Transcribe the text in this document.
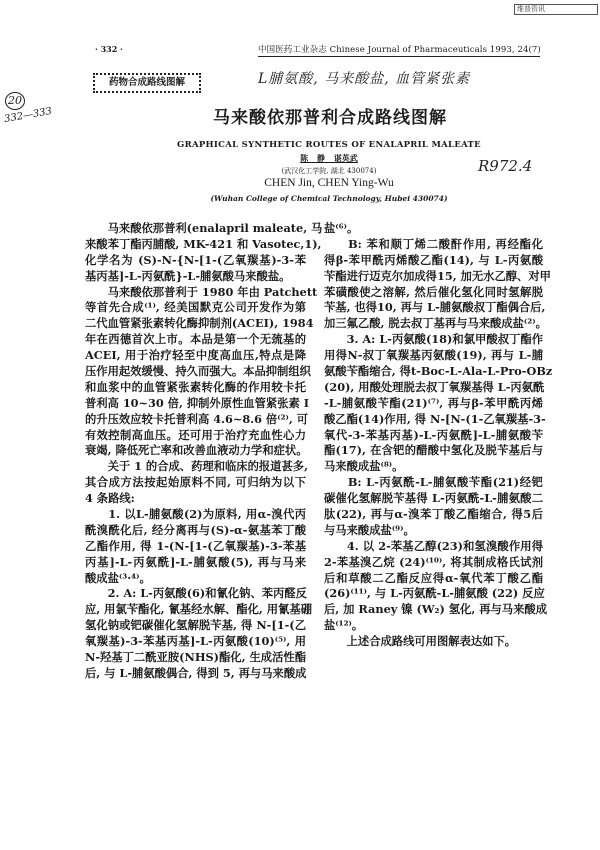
维普资讯
· 332 ·	中国医药工业杂志 Chinese Journal of Pharmaceuticals 1993, 24(7)
药物合成路线图解	L脯氨酸, 马来酸盐, 血管紧张素
20
332—333
R972.4
马来酸依那普利合成路线图解
GRAPHICAL SYNTHETIC ROUTES OF ENALAPRIL MALEATE
陈 静 谌英武
(武汉化工学院, 湖北 430074)
CHEN Jin, CHEN Ying-Wu
(Wuhan College of Chemical Technology, Hubei 430074)
　　马来酸依那普利(enalapril maleate, 马
来酸苯丁酯丙脯酸, MK-421 和 Vasotec,1),
化学名为 (S)-N-{N-[1-(乙氧羰基)-3-苯
基丙基]-L-丙氨酰}-L-脯氨酸马来酸盐。
　　马来酸依那普利于 1980 年由 Patchett
等首先合成⁽¹⁾, 经美国默克公司开发作为第
二代血管紧张素转化酶抑制剂(ACEI), 1984
年在西德首次上市。本品是第一个无巯基的
ACEI, 用于治疗轻至中度高血压,特点是降
压作用起效缓慢、持久而强大。本品抑制组织
和血浆中的血管紧张素转化酶的作用较卡托
普利高 10~30 倍, 抑制外原性血管紧张素 I
的升压效应较卡托普利高 4.6~8.6 倍⁽²⁾, 可
有效控制高血压。还可用于治疗充血性心力
衰竭, 降低死亡率和改善血液动力学和症状。
　　关于 1 的合成、药理和临床的报道甚多,
其合成方法按起始原料不同, 可归纳为以下
4 条路线:
　　1. 以L-脯氨酸(2)为原料, 用α-溴代丙
酰溴酰化后, 经分离再与(S)-α-氨基苯丁酸
乙酯作用, 得 1-(N-[1-(乙氧羰基)-3-苯基
丙基]-L-丙氨酰]-L-脯氨酸(5), 再与马来
酸成盐⁽³·⁴⁾。
　　2. A: L-丙氨酸(6)和氰化钠、苯丙醛反
应, 用氯苄酯化, 氰基经水解、酯化, 用氰基硼
氢化钠或钯碳催化氢解脱苄基, 得 N-[1-(乙
氧羰基)-3-苯基丙基]-L-丙氨酸(10)⁽⁵⁾, 用
N-羟基丁二酰亚胺(NHS)酯化, 生成活性酯
后, 与 L-脯氨酸偶合, 得到 5, 再与马来酸成
盐⁽⁶⁾。
　　B: 苯和顺丁烯二酸酐作用, 再经酯化
得β-苯甲酰丙烯酸乙酯(14), 与 L-丙氨酸
苄酯进行迈克尔加成得15, 加无水乙醇、对甲
苯磺酸使之溶解, 然后催化氢化同时氢解脱
苄基, 也得10, 再与 L-脯氨酸叔丁酯偶合后,
加三氟乙酸, 脱去叔丁基再与马来酸成盐⁽²⁾。
　　3. A: L-丙氨酸(18)和氯甲酸叔丁酯作
用得N-叔丁氧羰基丙氨酸(19), 再与 L-脯
氨酸苄酯缩合, 得t-Boc-L-Ala-L-Pro-OBz
(20), 用酸处理脱去叔丁氧羰基得 L-丙氨酰
-L-脯氨酸苄酯(21)⁽⁷⁾, 再与β-苯甲酰丙烯
酸乙酯(14)作用, 得 N-[N-(1-乙氧羰基-3-
氧代-3-苯基丙基)-L-丙氨酰]-L-脯氨酸苄
酯(17), 在含钯的醋酸中氢化及脱苄基后与
马来酸成盐⁽⁸⁾。
　　B: L-丙氨酰-L-脯氨酸苄酯(21)经钯
碳催化氢解脱苄基得 L-丙氨酰-L-脯氨酸二
肽(22), 再与α-溴苯丁酸乙酯缩合, 得5后
与马来酸成盐⁽⁹⁾。
　　4. 以 2-苯基乙醇(23)和氢溴酸作用得
2-苯基溴乙烷 (24)⁽¹⁰⁾, 将其制成格氏试剂
后和草酸二乙酯反应得α-氧代苯丁酸乙酯
(26)⁽¹¹⁾, 与 L-丙氨酰-L-脯氨酸 (22) 反应
后, 加 Raney 镍 (W₂) 氢化, 再与马来酸成
盐⁽¹²⁾。
　　上述合成路线可用图解表达如下。
